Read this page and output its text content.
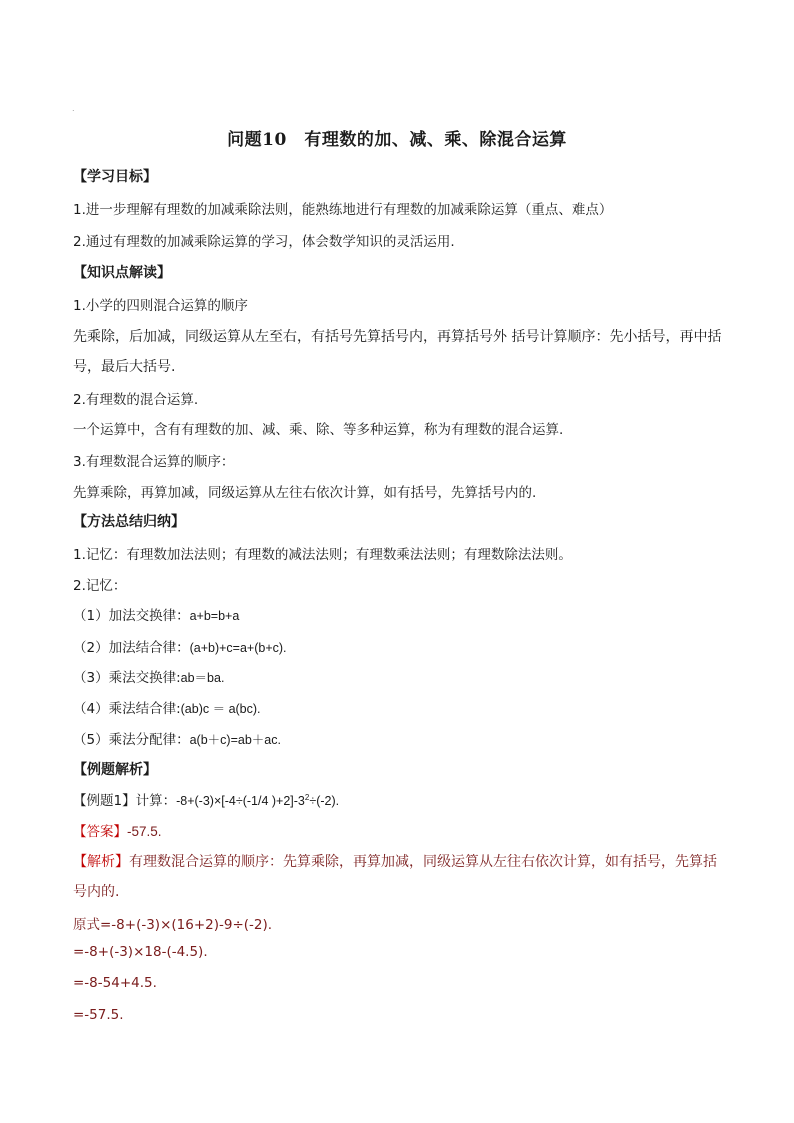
.
问题10　有理数的加、减、乘、除混合运算
【学习目标】
1.进一步理解有理数的加减乘除法则，能熟练地进行有理数的加减乘除运算（重点、难点）
2.通过有理数的加减乘除运算的学习，体会数学知识的灵活运用.
【知识点解读】
1.小学的四则混合运算的顺序
先乘除，后加减，同级运算从左至右，有括号先算括号内，再算括号外 括号计算顺序：先小括号，再中括
号，最后大括号.
2.有理数的混合运算.
一个运算中，含有有理数的加、减、乘、除、等多种运算，称为有理数的混合运算.
3.有理数混合运算的顺序：
先算乘除，再算加减，同级运算从左往右依次计算，如有括号，先算括号内的.
【方法总结归纳】
1.记忆：有理数加法法则；有理数的减法法则；有理数乘法法则；有理数除法法则。
2.记忆：
（1）加法交换律：a+b=b+a
（2）加法结合律：(a+b)+c=a+(b+c).
（3）乘法交换律:ab＝ba.
（4）乘法结合律:(ab)c ＝ a(bc).
（5）乘法分配律：a(b＋c)=ab＋ac.
【例题解析】
【例题1】计算：-8+(-3)×[-4÷(-1/4 )$+2]-3^2\div(-2)$.
【答案】-57.5.
【解析】有理数混合运算的顺序：先算乘除，再算加减，同级运算从左往右依次计算，如有括号，先算括
号内的.
原式=-8+(-3)×(16+2)-9÷(-2).
=-8+(-3)×18-(-4.5).
=-8-54+4.5.
=-57.5.
